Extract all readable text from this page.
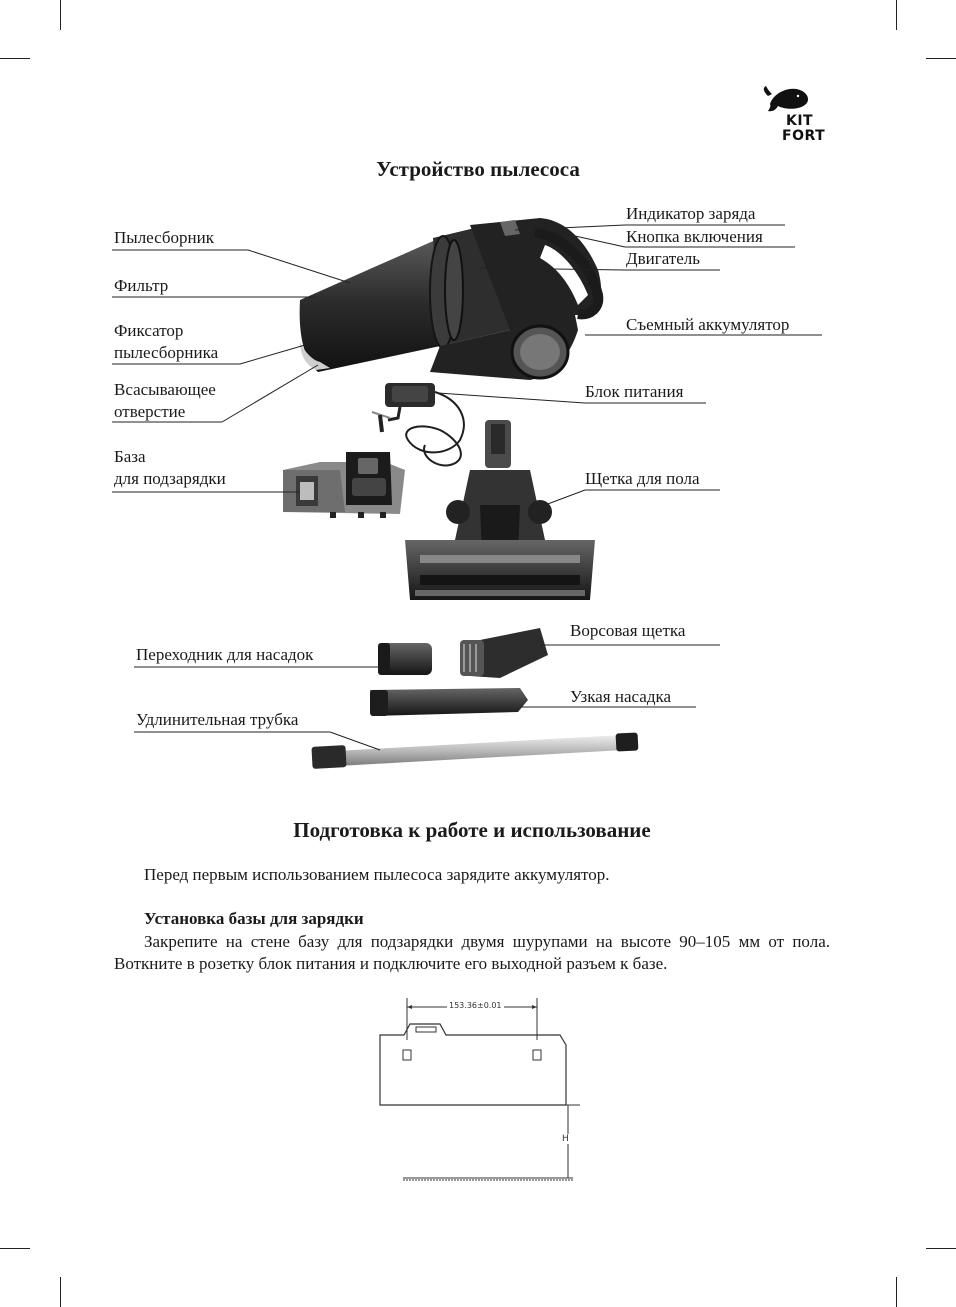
KIT
FORT
Устройство пылесоса
Пылесборник
Фильтр
Фиксатор
пылесборника
Всасывающее
отверстие
База
для подзарядки
Индикатор заряда
Кнопка включения
Двигатель
Съемный аккумулятор
Блок питания
Щетка для пола
Ворсовая щетка
Переходник для насадок
Узкая насадка
Удлинительная трубка
Подготовка к работе и использование
Перед первым использованием пылесоса зарядите аккумулятор.
Установка базы для зарядки
Закрепите на стене базу для подзарядки двумя шурупами на высоте 90–105 мм от пола. Воткните в розетку блок питания и подключите его выходной разъем к базе.
153.36±0.01
H
